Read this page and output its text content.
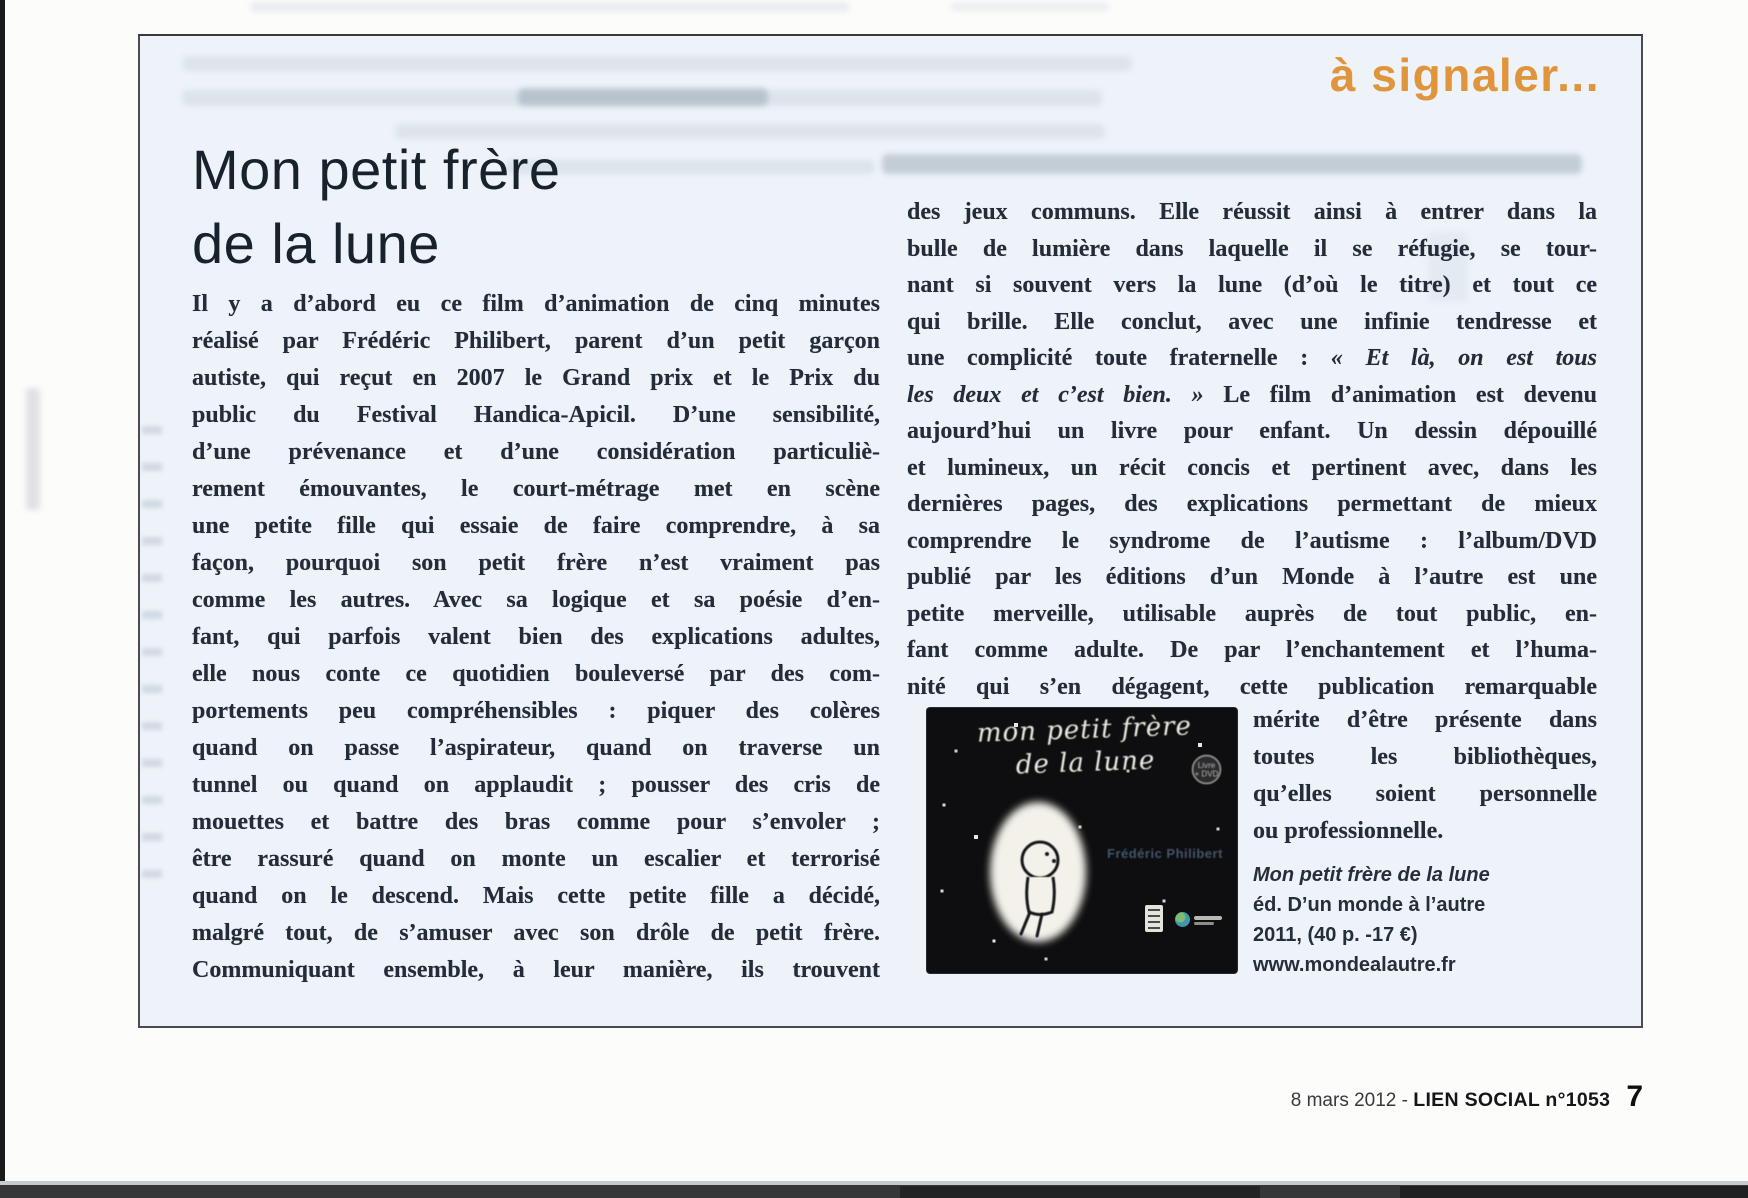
à signaler...
Mon petit frère
de la lune
Il y a d’abord eu ce film d’animation de cinq minutes
réalisé par Frédéric Philibert, parent d’un petit garçon
autiste, qui reçut en 2007 le Grand prix et le Prix du
public du Festival Handica-Apicil. D’une sensibilité,
d’une prévenance et d’une considération particuliè-
rement émouvantes, le court-métrage met en scène
une petite fille qui essaie de faire comprendre, à sa
façon, pourquoi son petit frère n’est vraiment pas
comme les autres. Avec sa logique et sa poésie d’en-
fant, qui parfois valent bien des explications adultes,
elle nous conte ce quotidien bouleversé par des com-
portements peu compréhensibles : piquer des colères
quand on passe l’aspirateur, quand on traverse un
tunnel ou quand on applaudit ; pousser des cris de
mouettes et battre des bras comme pour s’envoler ;
être rassuré quand on monte un escalier et terrorisé
quand on le descend. Mais cette petite fille a décidé,
malgré tout, de s’amuser avec son drôle de petit frère.
Communiquant ensemble, à leur manière, ils trouvent
des jeux communs. Elle réussit ainsi à entrer dans la
bulle de lumière dans laquelle il se réfugie, se tour-
nant si souvent vers la lune (d’où le titre) et tout ce
qui brille. Elle conclut, avec une infinie tendresse et
une complicité toute fraternelle : « Et là, on est tous
les deux et c’est bien. » Le film d’animation est devenu
aujourd’hui un livre pour enfant. Un dessin dépouillé
et lumineux, un récit concis et pertinent avec, dans les
dernières pages, des explications permettant de mieux
comprendre le syndrome de l’autisme : l’album/DVD
publié par les éditions d’un Monde à l’autre est une
petite merveille, utilisable auprès de tout public, en-
fant comme adulte. De par l’enchantement et l’huma-
nité qui s’en dégagent, cette publication remarquable
mérite d’être présente dans
toutes les bibliothèques,
qu’elles soient personnelle
ou professionnelle.
mon petit frère
de la lune	Livre
+ DVD
Frédéric Philibert
Mon petit frère de la lune
éd. D’un monde à l’autre
2011, (40 p. -17 €)
www.mondealautre.fr
8 mars 2012 - LIEN SOCIAL n°1053 7
